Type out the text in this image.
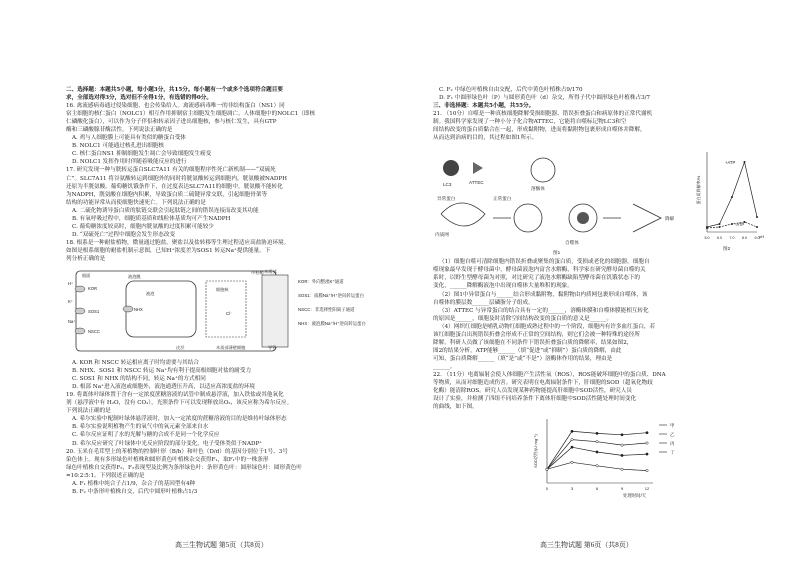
二、选择题：本题共5小题，每小题3分，共15分。每小题有一个或多个选项符合题目要
求，全部选对得3分，选对但不全得1分，有选错的得0分。
16. 禽流感病毒通过侵染细胞，也会传染给人。禽流感病毒唯一的非结构蛋白（NS1）同
宿主细胞的核仁蛋白（NOLC1）相互作用抑制宿主细胞发生细胞凋亡。人体细胞中的NOLC1（即核
仁磷酸化蛋白），可以作为分子伴侣和转录因子进出细胞核，参与核仁发生，具有GTP
酶和三磷酸腺苷酶活性。下列说法正确的是
A. 鸡与人细胞膜上可能具有类似的糖蛋白受体
B. NOLC1 可能通过核孔进出细胞核
C. 核仁蛋白NS1 抑制细胞发生凋亡会导致细胞发生癌变
D. NOLC1 发挥作用时伴随着吸能反应的进行
17. 研究发现一种与胱转运蛋白SLC7A11 有关的细胞程序性死亡新机制——“双硫死
亡”。SLC7A11 将谷氨酸转运到细胞外的同时将胱氨酸转运到细胞内，胱氨酸被NADPH
还原为半胱氨酸。葡萄糖饥饿条件下，在过度表达SLC7A11的细胞中，胱氨酸不能转化
为NADPH，胱氨酸在细胞内积累，导致蛋白质二硫键异常交联，引起细胞骨架等
结构的功能异常从而使细胞快速死亡。下列说法正确的是
A. 二硫化物诱导蛋白质的肽链交联会引起肽链之间的错误连接而改变其功能
B. 有氧呼吸过程中，细胞质基质和线粒体基质均可产生NADPH
C. 葡萄糖浓度较高时，细胞内胱氨酸的过度积累可能较少
D. “双硫死亡”过程中细胞会发生形态改变
18. 根系是一种耐盐植物，微量通过胞盐，聚盐以及盐转移等生理过程适应高盐胁迫环境。
如图是根系细胞的耐盐机制示意图，已知H⁺浓度差为SOS1 转运Na⁺提供能量。下
列分析正确的是
液泡膜
液泡
根面
细胞核
中柱鞘 木质部
H⁺
K⁺
Na⁺
KOR
SOS1	NHX
NSCC
皮层	木质部薄壁细胞	导管
Cl⁻
KOR：外向整流K⁺通道
SOS1：质膜Na⁺/H⁺逆向转运蛋白
NSCC：非选择性阳离子通道
NHX：液泡膜Na⁺/H⁺逆向转运蛋白
A. KOR 和 NSCC 转运相应离子时均需要与其结合
B. NHX、SOS1 和 NSCC 转运 Na⁺均有利于提高根细胞对盐的耐受力
C. SOS1 和 NHX 的结构不同，转运 Na⁺的方式相同
D. 根部 Na⁺进入液泡或细胞外，液泡通透压升高，以适应高浓度盐的环境
19. 将离体叶绿体置于含有一定浓度蔗糖溶液的试管中制成悬浮液，加入铁盐或其他氧化
剂（悬浮液中有 H₂O，没有 CO₂），光照条件下可以发现释放出O₂，该反应称为希尔反应。
下列说法正确的是
A. 希尔实验中配制叶绿体悬浮液时，加入一定浓度的蔗糖溶液的目的是维持叶绿体形态
B. 希尔实验说明植物产生的氧气中的氧元素全部来自水
C. 希尔反应证明了水的光解与糖的合成不是同一个化学反应
D. 希尔反应研究了叶绿体中光反应阶段的部分变化，电子受体类似于NADP⁺
20. 玉米在毛茸型上的苯植物的控制叶形（B/b）和叶色（D/d）的基因分别位于1号、3号
染色体上。现有多形绿色叶植株和圆形黄色叶植株杂交获得F₁，取F₁中的一株条形
绿色叶植株自交获得F₂，F₂表现型及比例为条形绿色叶：条形黄色叶：圆形绿色叶：圆形黄色叶
=10:2:5:1。下列叙述正确的是
A. F₁ 植株中纯合子占1/9，杂合子的基因型有4种
B. F₂ 中条形叶植株自交，后代中圆形叶植株占1/3
高三生物试题 第5页（共8页）
C. F₂ 中绿色叶植株自由交配，后代中黄色叶植株占9/170
D. F₁ 中圆形绿色叶（P）与圆形黄色叶（d）杂交，所得子代中圆形绿色叶植株占3/7
三、非选择题：本题共5小题，共55分。
21. （10分）自噬是一种真核细胞降解受损细胞器、错误折叠蛋白和病原体的正常代谢机
制。我国科学家发现了一种小分子化合物ATTEC，它能将自噬标记物LC3和空
间结构改变的蛋白质黏合在一起，形成黏附物，进而将黏附物包裹形成自噬体并降解，
从而达到治病的目的，其过程如图1所示。
LC3	ATTEC
溶酶体
异常蛋白	正常蛋白
内质网
自噬体
降解
图1
+ATP
-ATP
5.0 6.0 7.0 8.0 9.0
蛋白质降解率/%
pH
图2
（1）细胞自噬可清除细胞内错误折叠或聚集的蛋白质，受损或老化的细胞器。细胞自
噬现象最早发现于酵母菌中，酵母菌液泡内富含水解酶，科学家在研究酵母菌自噬的关
系时，以野生型酵母菌为对照，对比研究了液泡水解酶缺陷型酵母菌在饥饿状态下的
变化，______降解酶液泡中出现自噬体大量堆积的现象。
（2）图1中异常蛋白与______结合形成黏附物，黏附物由内质网包裹形成自噬体，该
自噬体的膜层数______层磷脂分子组成。
（3）ATTEC 与异常蛋白的结合具有一定的______，溶酶体膜和自噬体膜能相互转化
的原因是______，细胞及时清除空间结构改变的蛋白质的意义是______。
（4）网织红细胞是哺乳动物红细胞成熟过程中的一个阶段，细胞内有许多血红蛋白，若
该红细胞蛋白出现错误折叠会形成不正常的空间结构，则它们会被一种特殊的途径所
降解。科研人员做了该细胞在不同条件下错误折叠蛋白质的降解率，结果如图2，
图2的结果分析，ATP能够______（填“促进”或“抑制”）蛋白质的降解，由此
可知，蛋白质降解______（填“是”或“不是”）溶酶体作用的结果，理由是
______。
22. （11分）电离辐射会使人体细胞产生活性氧（ROS），ROS能破坏细胞中的蛋白质、DNA
等物质，从而对细胞造成伤害。研究表明在电离辐射条件下，肝细胞的SOD（超氧化物歧
化酶）能清除ROS。研究人员发现某种药物能提高肝细胞中SOD活性，研究人员
设计了实验，并检测了四组不同培养条件下离体肝细胞中SOD活性随处理时间变化
的曲线，如下图。
0	3	6	9	12
处理时间/天
SOD活性/(U·mg⁻¹)
甲
乙
丙
丁
高三生物试题 第6页（共8页）
